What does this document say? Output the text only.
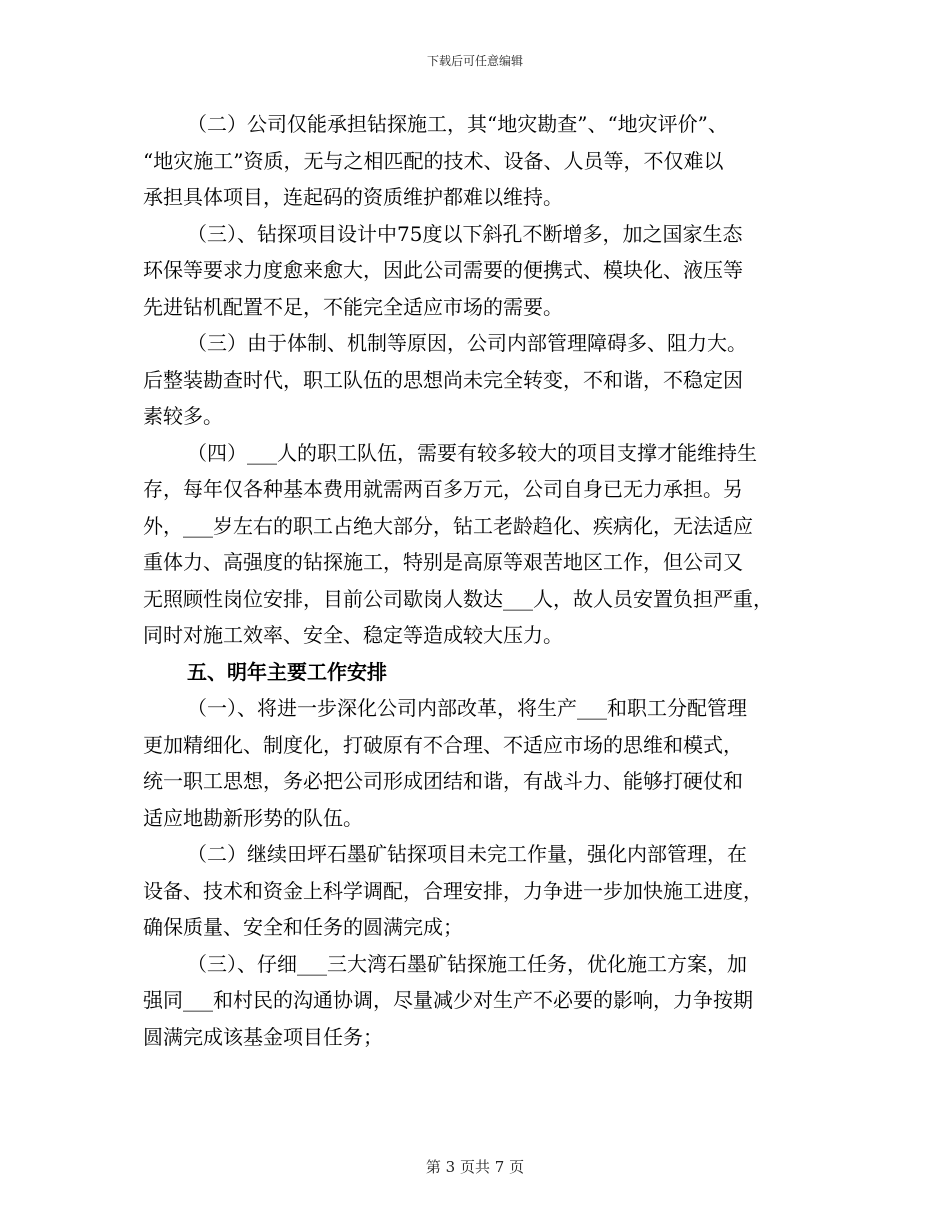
下载后可任意编辑

（二）公司仅能承担钻探施工，其“地灾勘查”、“地灾评价”、
“地灾施工”资质，无与之相匹配的技术、设备、人员等，不仅难以
承担具体项目，连起码的资质维护都难以维持。

（三）、钻探项目设计中75度以下斜孔不断增多，加之国家生态
环保等要求力度愈来愈大，因此公司需要的便携式、模块化、液压等
先进钻机配置不足，不能完全适应市场的需要。

（三）由于体制、机制等原因，公司内部管理障碍多、阻力大。
后整装勘查时代，职工队伍的思想尚未完全转变，不和谐，不稳定因
素较多。

（四）___人的职工队伍，需要有较多较大的项目支撑才能维持生
存，每年仅各种基本费用就需两百多万元，公司自身已无力承担。另
外，___岁左右的职工占绝大部分，钻工老龄趋化、疾病化，无法适应
重体力、高强度的钻探施工，特别是高原等艰苦地区工作，但公司又
无照顾性岗位安排，目前公司歇岗人数达___人，故人员安置负担严重，
同时对施工效率、安全、稳定等造成较大压力。

五、明年主要工作安排

（一）、将进一步深化公司内部改革，将生产___和职工分配管理
更加精细化、制度化，打破原有不合理、不适应市场的思维和模式，
统一职工思想，务必把公司形成团结和谐，有战斗力、能够打硬仗和
适应地勘新形势的队伍。

（二）继续田坪石墨矿钻探项目未完工作量，强化内部管理，在
设备、技术和资金上科学调配，合理安排，力争进一步加快施工进度，
确保质量、安全和任务的圆满完成；

（三）、仔细___三大湾石墨矿钻探施工任务，优化施工方案，加
强同___和村民的沟通协调，尽量减少对生产不必要的影响，力争按期
圆满完成该基金项目任务；

第 3 页共 7 页
